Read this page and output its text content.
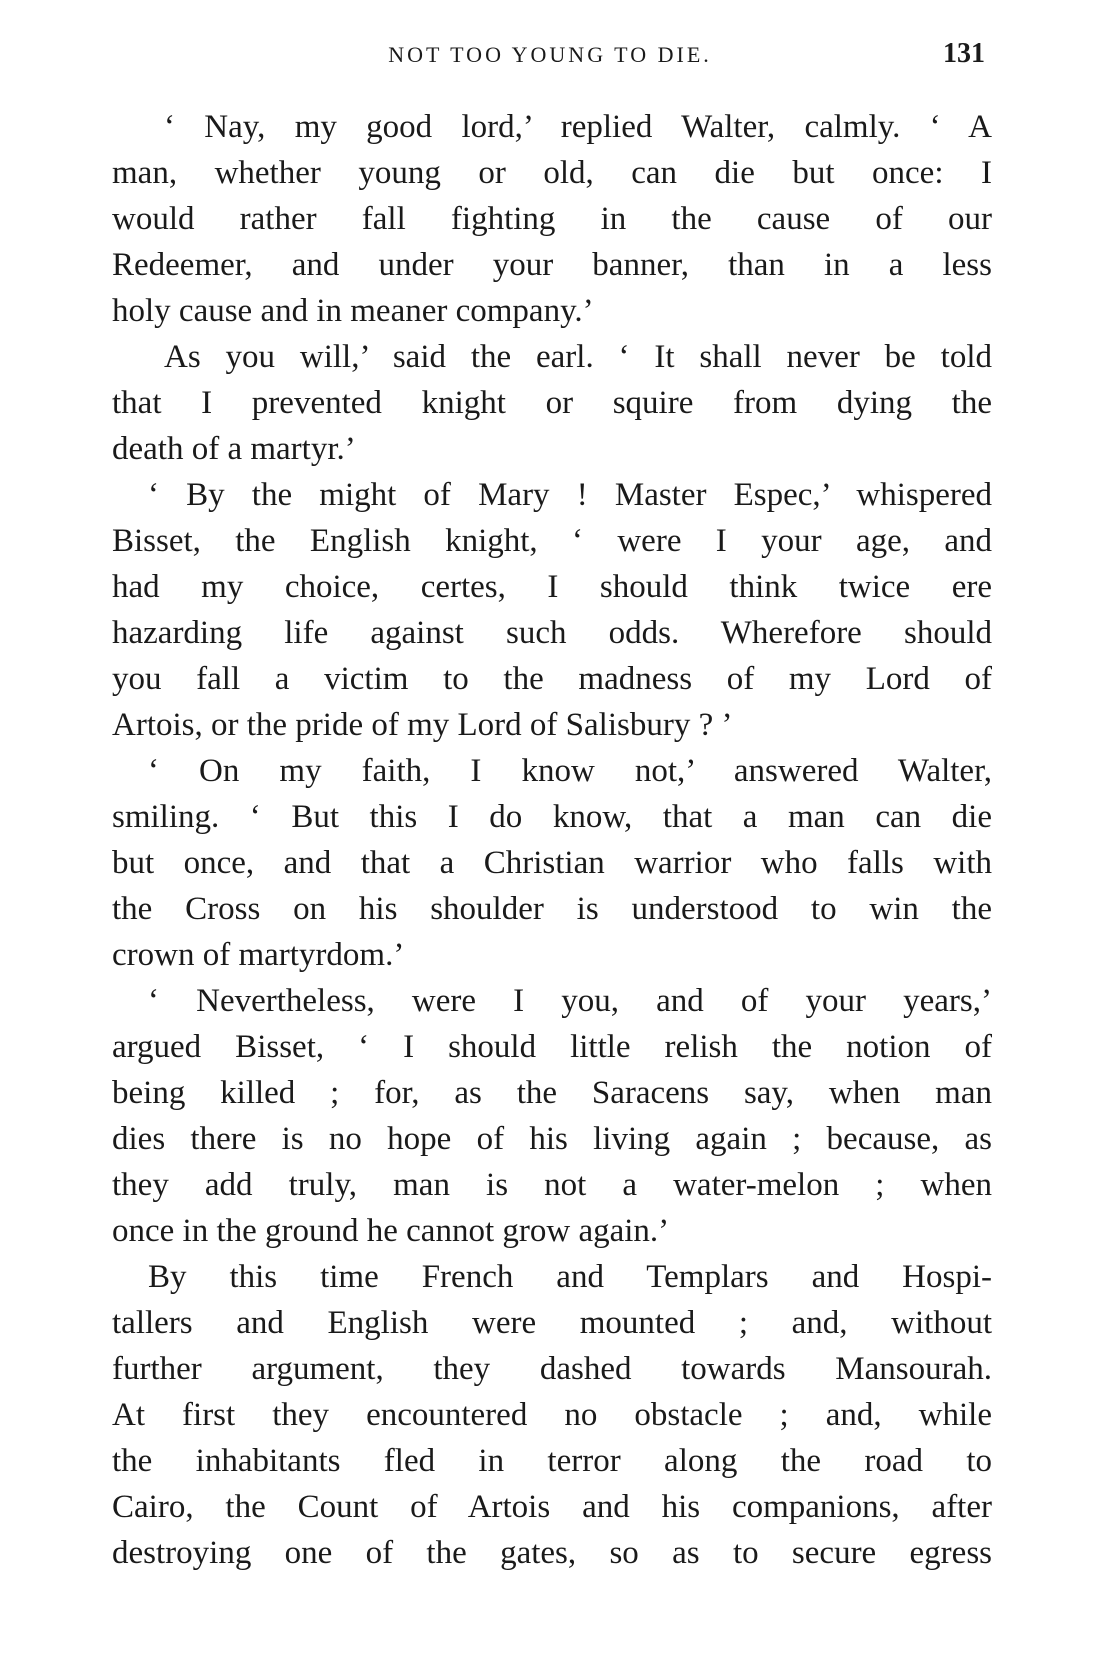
NOT TOO YOUNG TO DIE.	131
‘ Nay, my good lord,’ replied Walter, calmly. ‘ A
man, whether young or old, can die but once: I
would rather fall fighting in the cause of our
Redeemer, and under your banner, than in a less
holy cause and in meaner company.’
As you will,’ said the earl. ‘ It shall never be told
that I prevented knight or squire from dying the
death of a martyr.’
‘ By the might of Mary ! Master Espec,’ whispered
Bisset, the English knight, ‘ were I your age, and
had my choice, certes, I should think twice ere
hazarding life against such odds. Wherefore should
you fall a victim to the madness of my Lord of
Artois, or the pride of my Lord of Salisbury ? ’
‘ On my faith, I know not,’ answered Walter,
smiling. ‘ But this I do know, that a man can die
but once, and that a Christian warrior who falls with
the Cross on his shoulder is understood to win the
crown of martyrdom.’
‘ Nevertheless, were I you, and of your years,’
argued Bisset, ‘ I should little relish the notion of
being killed ; for, as the Saracens say, when man
dies there is no hope of his living again ; because, as
they add truly, man is not a water-melon ; when
once in the ground he cannot grow again.’
By this time French and Templars and Hospi-
tallers and English were mounted ; and, without
further argument, they dashed towards Mansourah.
At first they encountered no obstacle ; and, while
the inhabitants fled in terror along the road to
Cairo, the Count of Artois and his companions, after
destroying one of the gates, so as to secure egress
